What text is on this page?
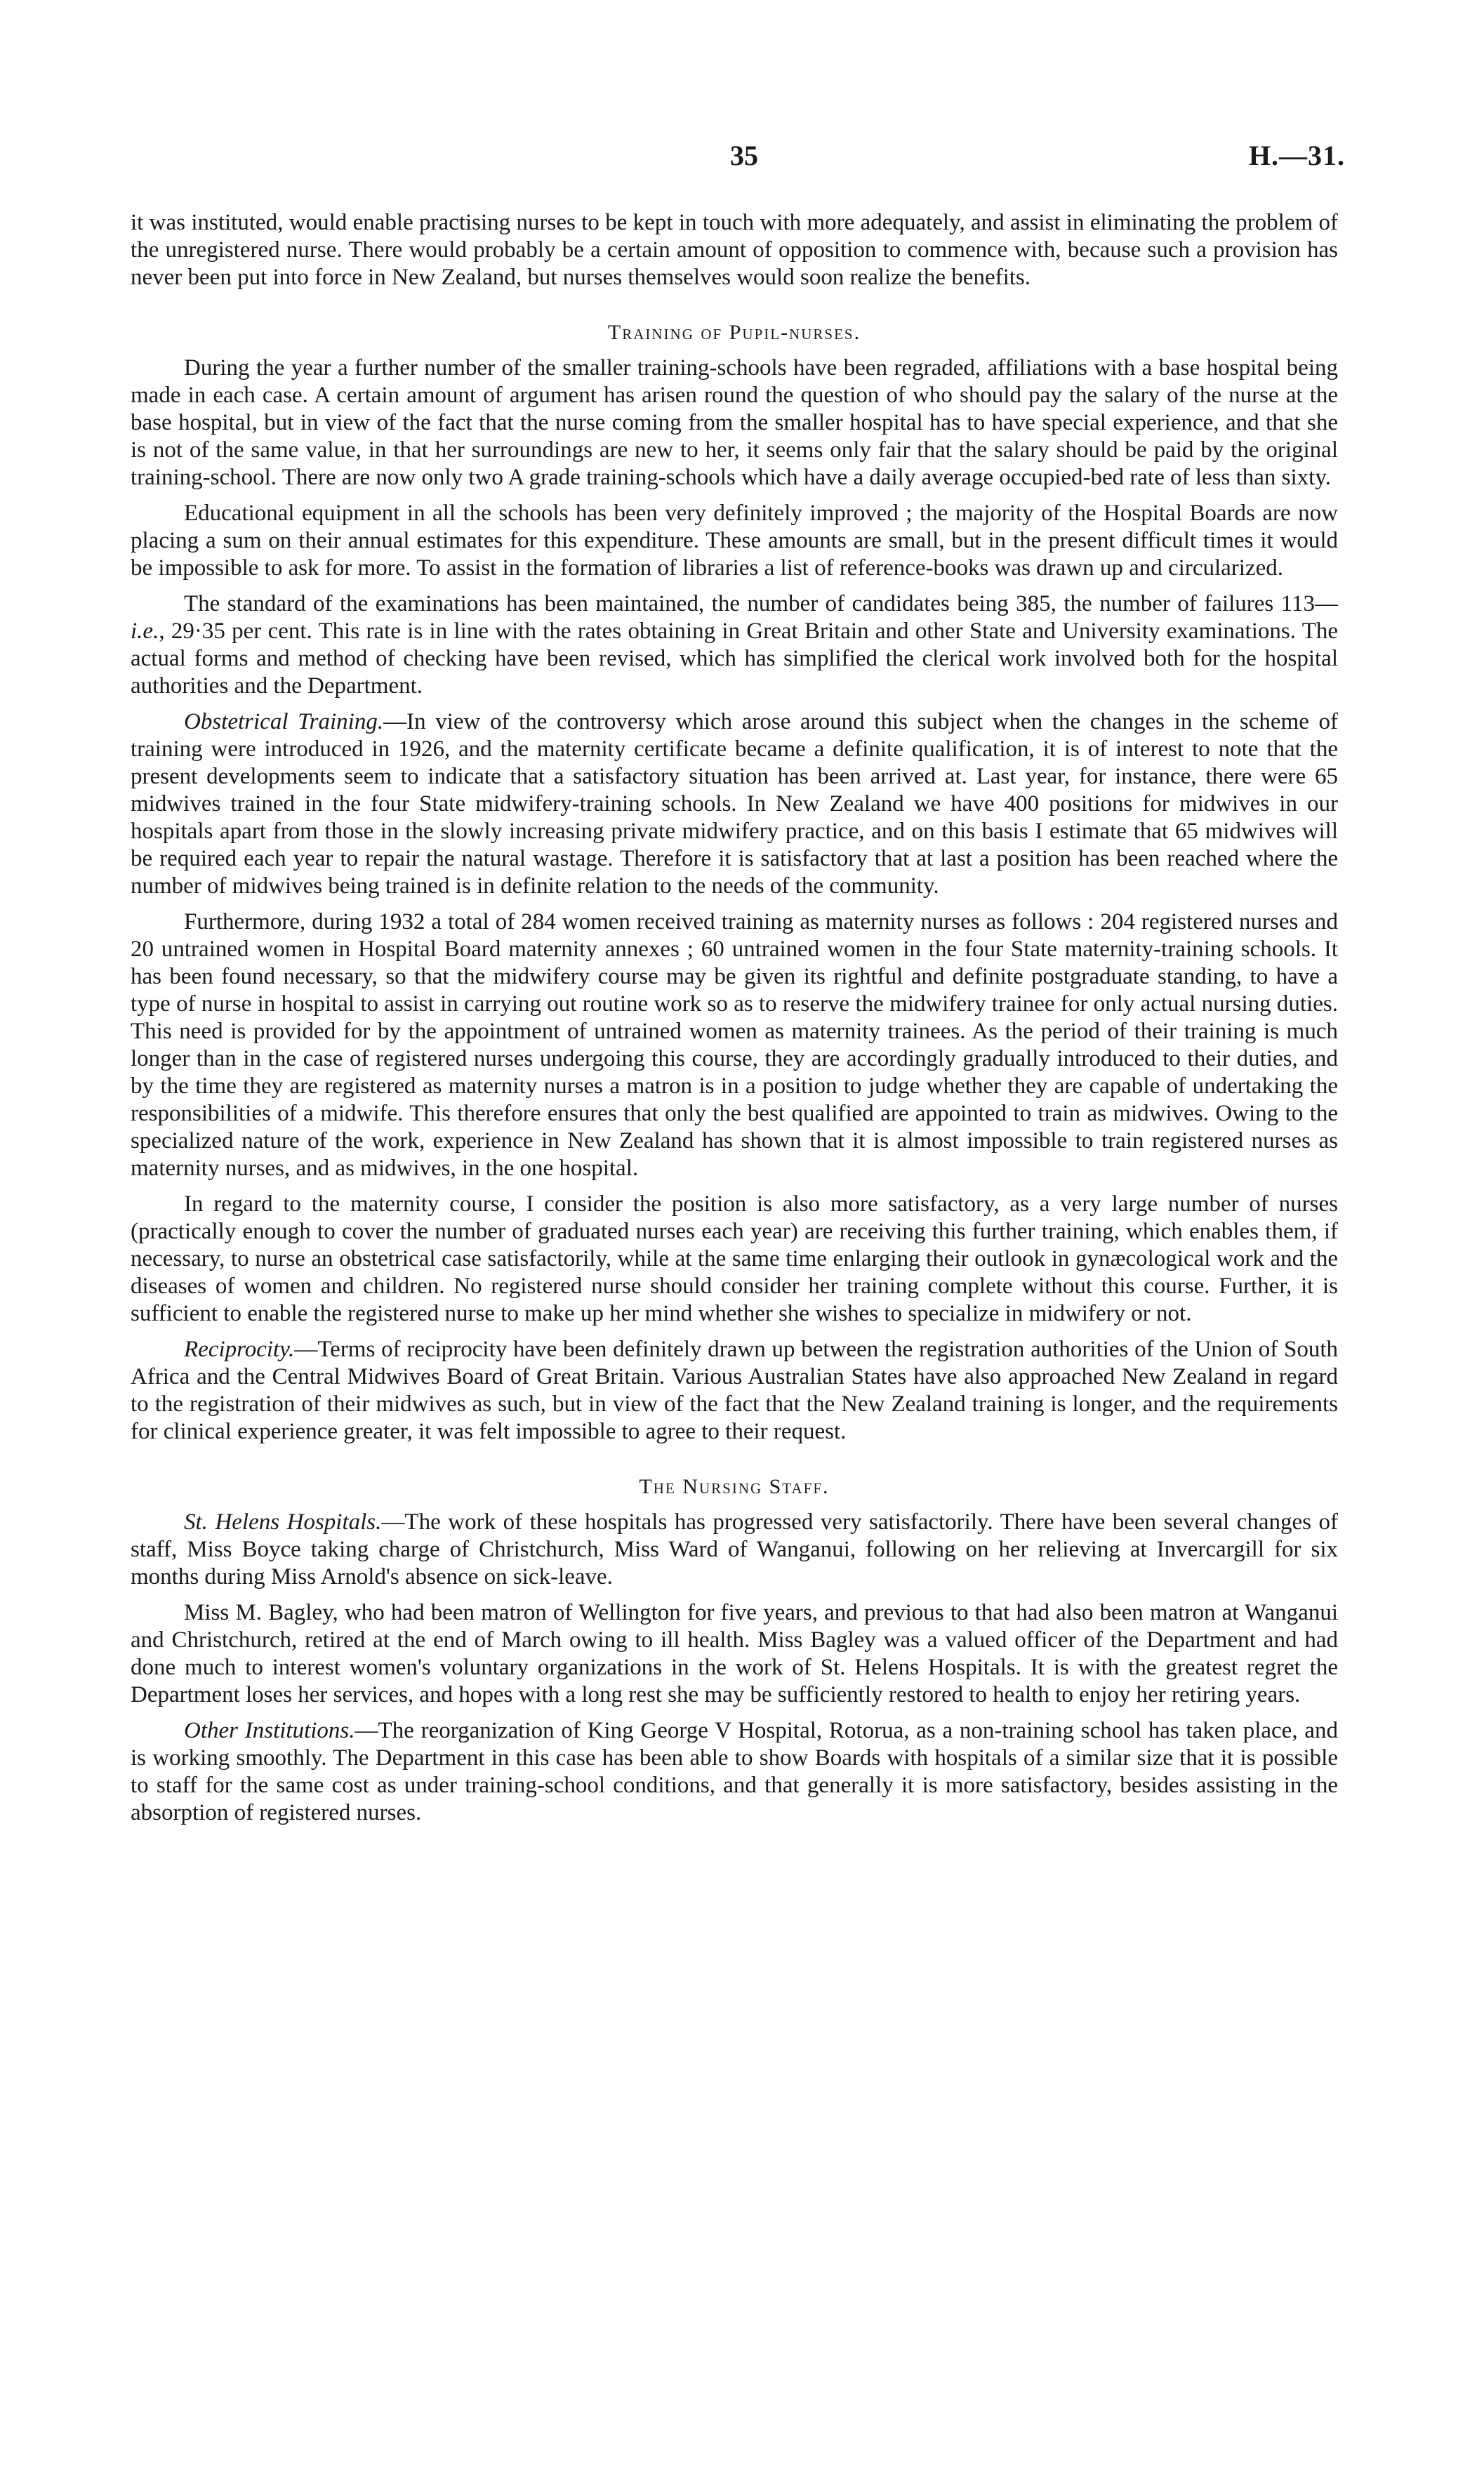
35	H.—31.

it was instituted, would enable practising nurses to be kept in touch with more adequately, and assist in eliminating the problem of the unregistered nurse. There would probably be a certain amount of opposition to commence with, because such a provision has never been put into force in New Zealand, but nurses themselves would soon realize the benefits.

Training of Pupil-nurses.

During the year a further number of the smaller training-schools have been regraded, affiliations with a base hospital being made in each case. A certain amount of argument has arisen round the question of who should pay the salary of the nurse at the base hospital, but in view of the fact that the nurse coming from the smaller hospital has to have special experience, and that she is not of the same value, in that her surroundings are new to her, it seems only fair that the salary should be paid by the original training-school. There are now only two A grade training-schools which have a daily average occupied-bed rate of less than sixty.

Educational equipment in all the schools has been very definitely improved ; the majority of the Hospital Boards are now placing a sum on their annual estimates for this expenditure. These amounts are small, but in the present difficult times it would be impossible to ask for more. To assist in the formation of libraries a list of reference-books was drawn up and circularized.

The standard of the examinations has been maintained, the number of candidates being 385, the number of failures 113—i.e., 29·35 per cent. This rate is in line with the rates obtaining in Great Britain and other State and University examinations. The actual forms and method of checking have been revised, which has simplified the clerical work involved both for the hospital authorities and the Department.

Obstetrical Training.—In view of the controversy which arose around this subject when the changes in the scheme of training were introduced in 1926, and the maternity certificate became a definite qualification, it is of interest to note that the present developments seem to indicate that a satisfactory situation has been arrived at. Last year, for instance, there were 65 midwives trained in the four State midwifery-training schools. In New Zealand we have 400 positions for midwives in our hospitals apart from those in the slowly increasing private midwifery practice, and on this basis I estimate that 65 midwives will be required each year to repair the natural wastage. Therefore it is satisfactory that at last a position has been reached where the number of midwives being trained is in definite relation to the needs of the community.

Furthermore, during 1932 a total of 284 women received training as maternity nurses as follows : 204 registered nurses and 20 untrained women in Hospital Board maternity annexes ; 60 untrained women in the four State maternity-training schools. It has been found necessary, so that the midwifery course may be given its rightful and definite postgraduate standing, to have a type of nurse in hospital to assist in carrying out routine work so as to reserve the midwifery trainee for only actual nursing duties. This need is provided for by the appointment of untrained women as maternity trainees. As the period of their training is much longer than in the case of registered nurses undergoing this course, they are accordingly gradually introduced to their duties, and by the time they are registered as maternity nurses a matron is in a position to judge whether they are capable of undertaking the responsibilities of a midwife. This therefore ensures that only the best qualified are appointed to train as midwives. Owing to the specialized nature of the work, experience in New Zealand has shown that it is almost impossible to train registered nurses as maternity nurses, and as midwives, in the one hospital.

In regard to the maternity course, I consider the position is also more satisfactory, as a very large number of nurses (practically enough to cover the number of graduated nurses each year) are receiving this further training, which enables them, if necessary, to nurse an obstetrical case satisfactorily, while at the same time enlarging their outlook in gynæcological work and the diseases of women and children. No registered nurse should consider her training complete without this course. Further, it is sufficient to enable the registered nurse to make up her mind whether she wishes to specialize in midwifery or not.

Reciprocity.—Terms of reciprocity have been definitely drawn up between the registration authorities of the Union of South Africa and the Central Midwives Board of Great Britain. Various Australian States have also approached New Zealand in regard to the registration of their midwives as such, but in view of the fact that the New Zealand training is longer, and the requirements for clinical experience greater, it was felt impossible to agree to their request.

The Nursing Staff.

St. Helens Hospitals.—The work of these hospitals has progressed very satisfactorily. There have been several changes of staff, Miss Boyce taking charge of Christchurch, Miss Ward of Wanganui, following on her relieving at Invercargill for six months during Miss Arnold's absence on sick-leave.

Miss M. Bagley, who had been matron of Wellington for five years, and previous to that had also been matron at Wanganui and Christchurch, retired at the end of March owing to ill health. Miss Bagley was a valued officer of the Department and had done much to interest women's voluntary organizations in the work of St. Helens Hospitals. It is with the greatest regret the Department loses her services, and hopes with a long rest she may be sufficiently restored to health to enjoy her retiring years.

Other Institutions.—The reorganization of King George V Hospital, Rotorua, as a non-training school has taken place, and is working smoothly. The Department in this case has been able to show Boards with hospitals of a similar size that it is possible to staff for the same cost as under training-school conditions, and that generally it is more satisfactory, besides assisting in the absorption of registered nurses.
